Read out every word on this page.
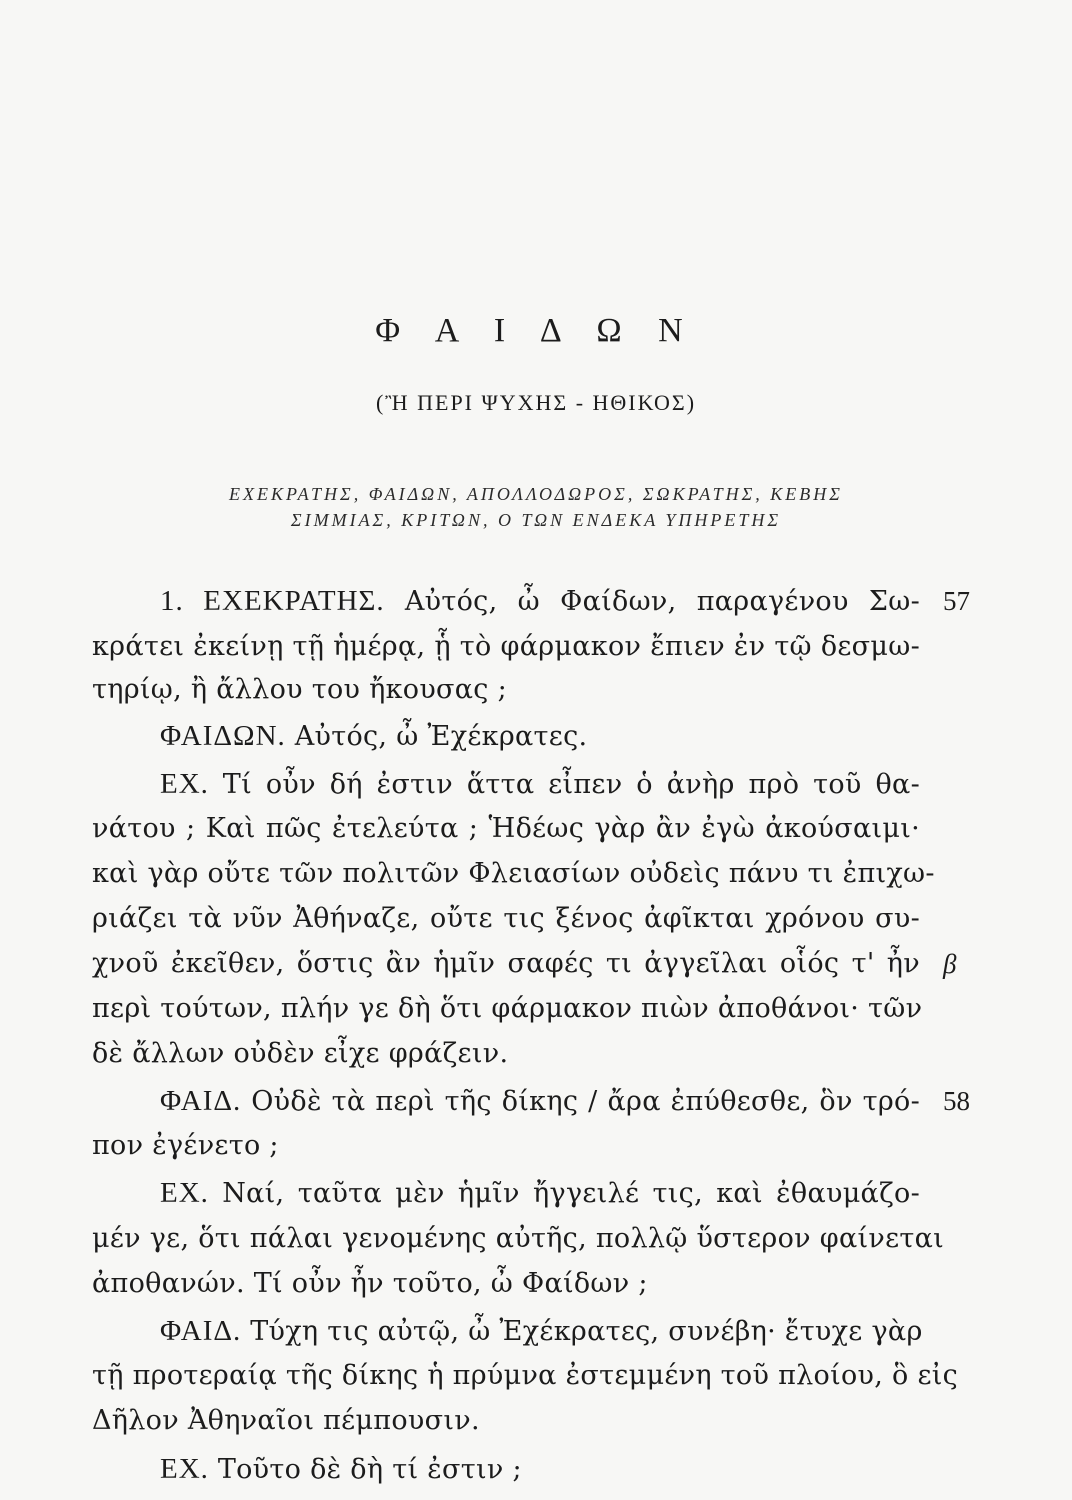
Φ Α Ι Δ Ω Ν
(Ἢ ΠΕΡΙ ΨΥΧΗΣ - ΗΘΙΚΟΣ)
ΕΧΕΚΡΑΤΗΣ, ΦΑΙΔΩΝ, ΑΠΟΛΛΟΔΩΡΟΣ, ΣΩΚΡΑΤΗΣ, ΚΕΒΗΣ
ΣΙΜΜΙΑΣ, ΚΡΙΤΩΝ, Ο ΤΩΝ ΕΝΔΕΚΑ ΥΠΗΡΕΤΗΣ
1. ΕΧΕΚΡΑΤΗΣ. Αὐτός, ὦ Φαίδων, παραγένου Σω-
κράτει ἐκείνῃ τῇ ἡμέρᾳ, ᾗ τὸ φάρμακον ἔπιεν ἐν τῷ δεσμω-
τηρίῳ, ἢ ἄλλου του ἤκουσας ;
ΦΑΙΔΩΝ. Αὐτός, ὦ Ἐχέκρατες.
ΕΧ. Τί οὖν δή ἐστιν ἅττα εἶπεν ὁ ἀνὴρ πρὸ τοῦ θα-
νάτου ; Καὶ πῶς ἐτελεύτα ; Ἡδέως γὰρ ἂν ἐγὼ ἀκούσαιμι·
καὶ γὰρ οὔτε τῶν πολιτῶν Φλειασίων οὐδεὶς πάνυ τι ἐπιχω-
ριάζει τὰ νῦν Ἀθήναζε, οὔτε τις ξένος ἀφῖκται χρόνου συ-
χνοῦ ἐκεῖθεν, ὅστις ἂν ἡμῖν σαφές τι ἀγγεῖλαι οἷός τ' ἦν
περὶ τούτων, πλήν γε δὴ ὅτι φάρμακον πιὼν ἀποθάνοι· τῶν
δὲ ἄλλων οὐδὲν εἶχε φράζειν.
ΦΑΙΔ. Οὐδὲ τὰ περὶ τῆς δίκης / ἄρα ἐπύθεσθε, ὃν τρό-
πον ἐγένετο ;
ΕΧ. Ναί, ταῦτα μὲν ἡμῖν ἤγγειλέ τις, καὶ ἐθαυμάζο-
μέν γε, ὅτι πάλαι γενομένης αὐτῆς, πολλῷ ὕστερον φαίνεται
ἀποθανών. Τί οὖν ἦν τοῦτο, ὦ Φαίδων ;
ΦΑΙΔ. Τύχη τις αὐτῷ, ὦ Ἐχέκρατες, συνέβη· ἔτυχε γὰρ
τῇ προτεραίᾳ τῆς δίκης ἡ πρύμνα ἐστεμμένη τοῦ πλοίου, ὃ εἰς
Δῆλον Ἀθηναῖοι πέμπουσιν.
ΕΧ. Τοῦτο δὲ δὴ τί ἐστιν ;
57
β
58
